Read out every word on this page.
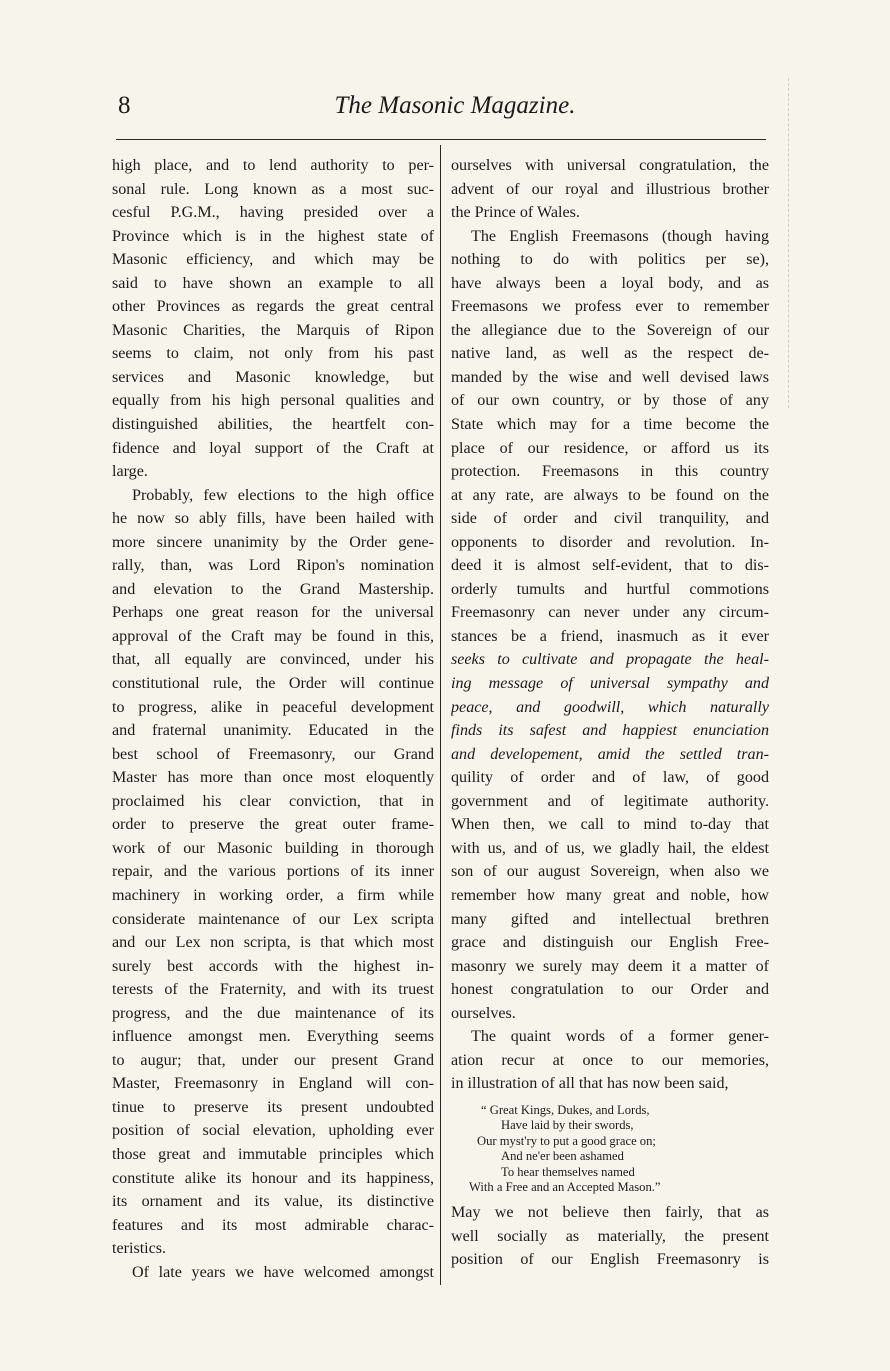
8	The Masonic Magazine.
high place, and to lend authority to per-
sonal rule. Long known as a most suc-
cesful P.G.M., having presided over a
Province which is in the highest state of
Masonic efficiency, and which may be
said to have shown an example to all
other Provinces as regards the great central
Masonic Charities, the Marquis of Ripon
seems to claim, not only from his past
services and Masonic knowledge, but
equally from his high personal qualities and
distinguished abilities, the heartfelt con-
fidence and loyal support of the Craft at
large.
Probably, few elections to the high office
he now so ably fills, have been hailed with
more sincere unanimity by the Order gene-
rally, than, was Lord Ripon's nomination
and elevation to the Grand Mastership.
Perhaps one great reason for the universal
approval of the Craft may be found in this,
that, all equally are convinced, under his
constitutional rule, the Order will continue
to progress, alike in peaceful development
and fraternal unanimity. Educated in the
best school of Freemasonry, our Grand
Master has more than once most eloquently
proclaimed his clear conviction, that in
order to preserve the great outer frame-
work of our Masonic building in thorough
repair, and the various portions of its inner
machinery in working order, a firm while
considerate maintenance of our Lex scripta
and our Lex non scripta, is that which most
surely best accords with the highest in-
terests of the Fraternity, and with its truest
progress, and the due maintenance of its
influence amongst men. Everything seems
to augur; that, under our present Grand
Master, Freemasonry in England will con-
tinue to preserve its present undoubted
position of social elevation, upholding ever
those great and immutable principles which
constitute alike its honour and its happiness,
its ornament and its value, its distinctive
features and its most admirable charac-
teristics.
Of late years we have welcomed amongst
ourselves with universal congratulation, the
advent of our royal and illustrious brother
the Prince of Wales.
The English Freemasons (though having
nothing to do with politics per se),
have always been a loyal body, and as
Freemasons we profess ever to remember
the allegiance due to the Sovereign of our
native land, as well as the respect de-
manded by the wise and well devised laws
of our own country, or by those of any
State which may for a time become the
place of our residence, or afford us its
protection. Freemasons in this country
at any rate, are always to be found on the
side of order and civil tranquility, and
opponents to disorder and revolution. In-
deed it is almost self-evident, that to dis-
orderly tumults and hurtful commotions
Freemasonry can never under any circum-
stances be a friend, inasmuch as it ever
seeks to cultivate and propagate the heal-
ing message of universal sympathy and
peace, and goodwill, which naturally
finds its safest and happiest enunciation
and developement, amid the settled tran-
quility of order and of law, of good
government and of legitimate authority.
When then, we call to mind to-day that
with us, and of us, we gladly hail, the eldest
son of our august Sovereign, when also we
remember how many great and noble, how
many gifted and intellectual brethren
grace and distinguish our English Free-
masonry we surely may deem it a matter of
honest congratulation to our Order and
ourselves.
The quaint words of a former gener-
ation recur at once to our memories,
in illustration of all that has now been said,
“ Great Kings, Dukes, and Lords,
Have laid by their swords,
Our myst'ry to put a good grace on;
And ne'er been ashamed
To hear themselves named
With a Free and an Accepted Mason.”
May we not believe then fairly, that as
well socially as materially, the present
position of our English Freemasonry is
